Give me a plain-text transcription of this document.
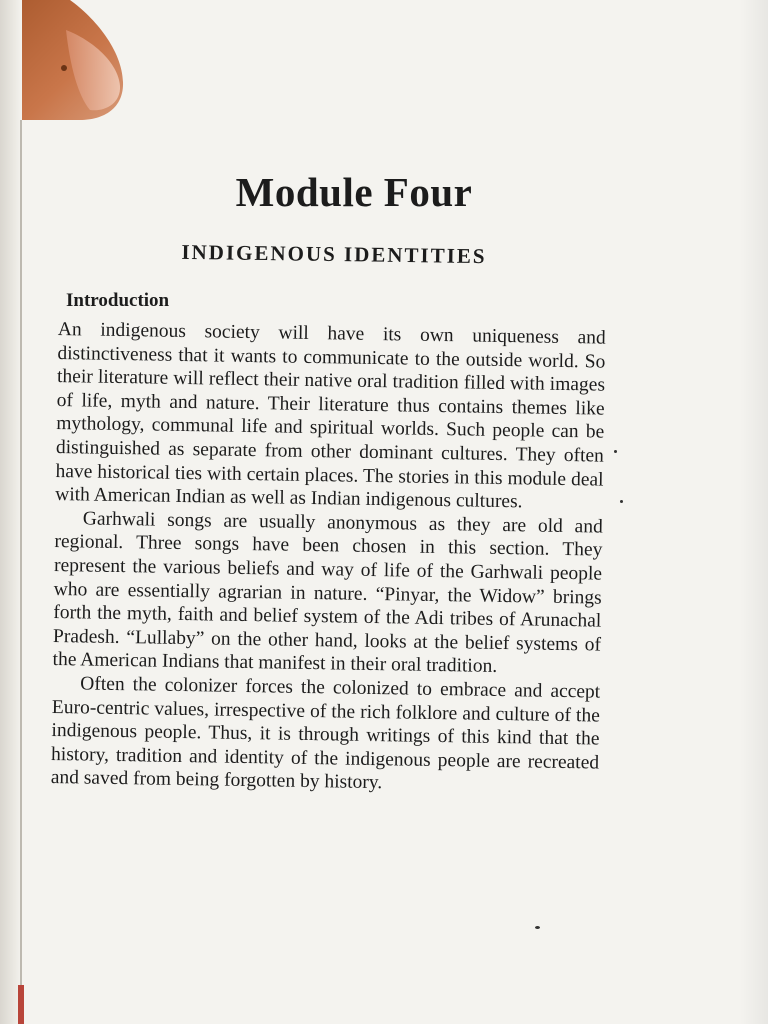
Module Four
INDIGENOUS IDENTITIES
Introduction

An indigenous society will have its own uniqueness and distinctiveness that it wants to communicate to the outside world. So their literature will reflect their native oral tradition filled with images of life, myth and nature. Their literature thus contains themes like mythology, communal life and spiritual worlds. Such people can be distinguished as separate from other dominant cultures. They often have historical ties with certain places. The stories in this module deal with American Indian as well as Indian indigenous cultures.

Garhwali songs are usually anonymous as they are old and regional. Three songs have been chosen in this section. They represent the various beliefs and way of life of the Garhwali people who are essentially agrarian in nature. “Pinyar, the Widow” brings forth the myth, faith and belief system of the Adi tribes of Arunachal Pradesh. “Lullaby” on the other hand, looks at the belief systems of the American Indians that manifest in their oral tradition.

Often the colonizer forces the colonized to embrace and accept Euro-centric values, irrespective of the rich folklore and culture of the indigenous people. Thus, it is through writings of this kind that the history, tradition and identity of the indigenous people are recreated and saved from being forgotten by history.
